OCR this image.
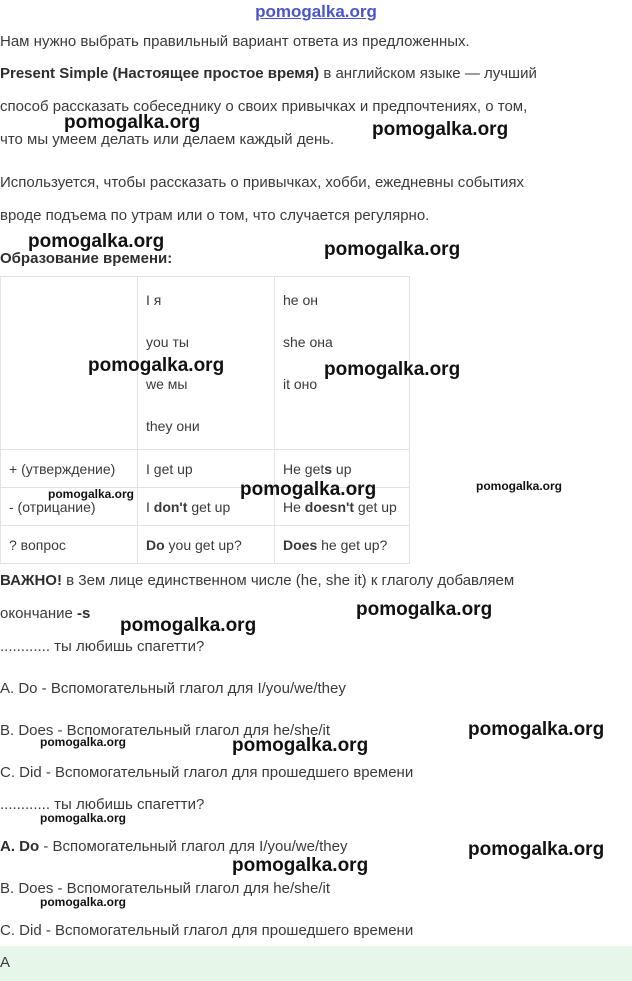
pomogalka.org
Нам нужно выбрать правильный вариант ответа из предложенных.
Present Simple (Настоящее простое время) в английском языке — лучший
способ рассказать собеседнику о своих привычках и предпочтениях, о том,
что мы умеем делать или делаем каждый день.
Используется, чтобы рассказать о привычках, хобби, ежедневны событиях
вроде подъема по утрам или о том, что случается регулярно.
Образование времени:

	I я
you ты
we мы
they они	he он
she она
it оно

+ (утверждение)	I get up	He gets up
- (отрицание)	I don't get up	He doesn't get up
? вопрос	Do you get up?	Does he get up?
ВАЖНО! в 3ем лице единственном числе (he, she it) к глаголу добавляем
окончание -s
............ ты любишь спагетти?
A. Do - Вспомогательный глагол для I/you/we/they
B. Does - Вспомогательный глагол для he/she/it
C. Did - Вспомогательный глагол для прошедшего времени
............ ты любишь спагетти?
A. Do - Вспомогательный глагол для I/you/we/they
B. Does - Вспомогательный глагол для he/she/it
C. Did - Вспомогательный глагол для прошедшего времени
A
pomogalka.org	pomogalka.org
pomogalka.org	pomogalka.org
pomogalka.org	pomogalka.org
pomogalka.org	pomogalka.org	pomogalka.org
pomogalka.org
pomogalka.org
pomogalka.org
pomogalka.org	pomogalka.org
pomogalka.org
pomogalka.org
pomogalka.org
pomogalka.org
